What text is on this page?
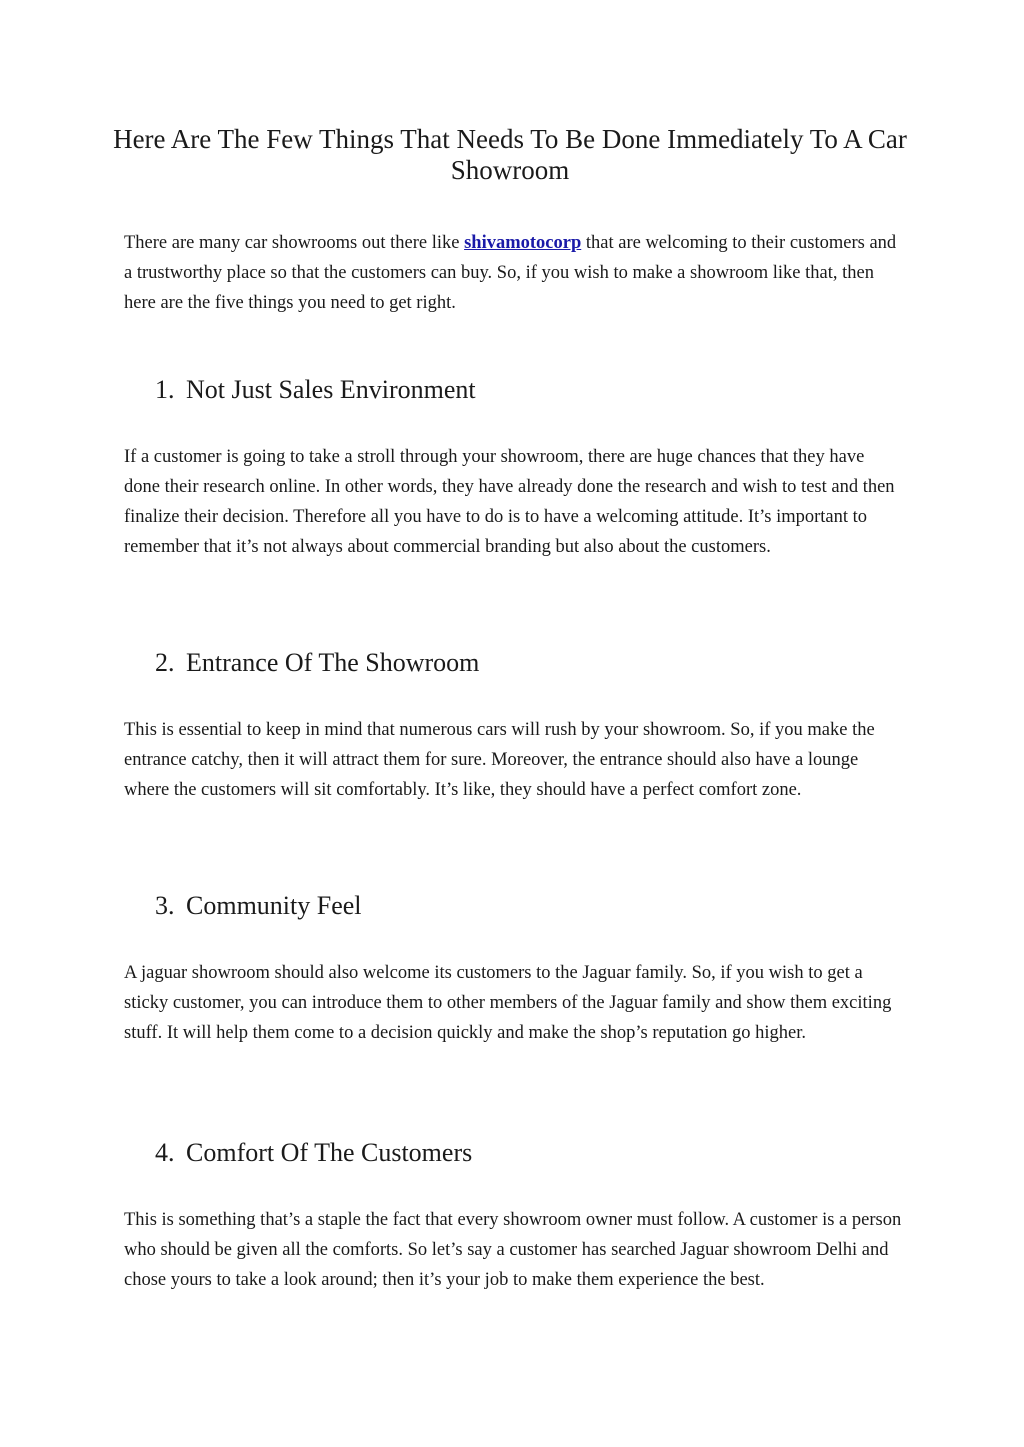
Here Are The Few Things That Needs To Be Done Immediately To A Car Showroom

There are many car showrooms out there like shivamotocorp that are welcoming to their customers and a trustworthy place so that the customers can buy. So, if you wish to make a showroom like that, then here are the five things you need to get right.

1. Not Just Sales Environment

If a customer is going to take a stroll through your showroom, there are huge chances that they have done their research online. In other words, they have already done the research and wish to test and then finalize their decision. Therefore all you have to do is to have a welcoming attitude. It’s important to remember that it’s not always about commercial branding but also about the customers.

2. Entrance Of The Showroom

This is essential to keep in mind that numerous cars will rush by your showroom. So, if you make the entrance catchy, then it will attract them for sure. Moreover, the entrance should also have a lounge where the customers will sit comfortably. It’s like, they should have a perfect comfort zone.

3. Community Feel

A jaguar showroom should also welcome its customers to the Jaguar family. So, if you wish to get a sticky customer, you can introduce them to other members of the Jaguar family and show them exciting stuff. It will help them come to a decision quickly and make the shop’s reputation go higher.

4. Comfort Of The Customers

This is something that’s a staple the fact that every showroom owner must follow. A customer is a person who should be given all the comforts. So let’s say a customer has searched Jaguar showroom Delhi and chose yours to take a look around; then it’s your job to make them experience the best.
